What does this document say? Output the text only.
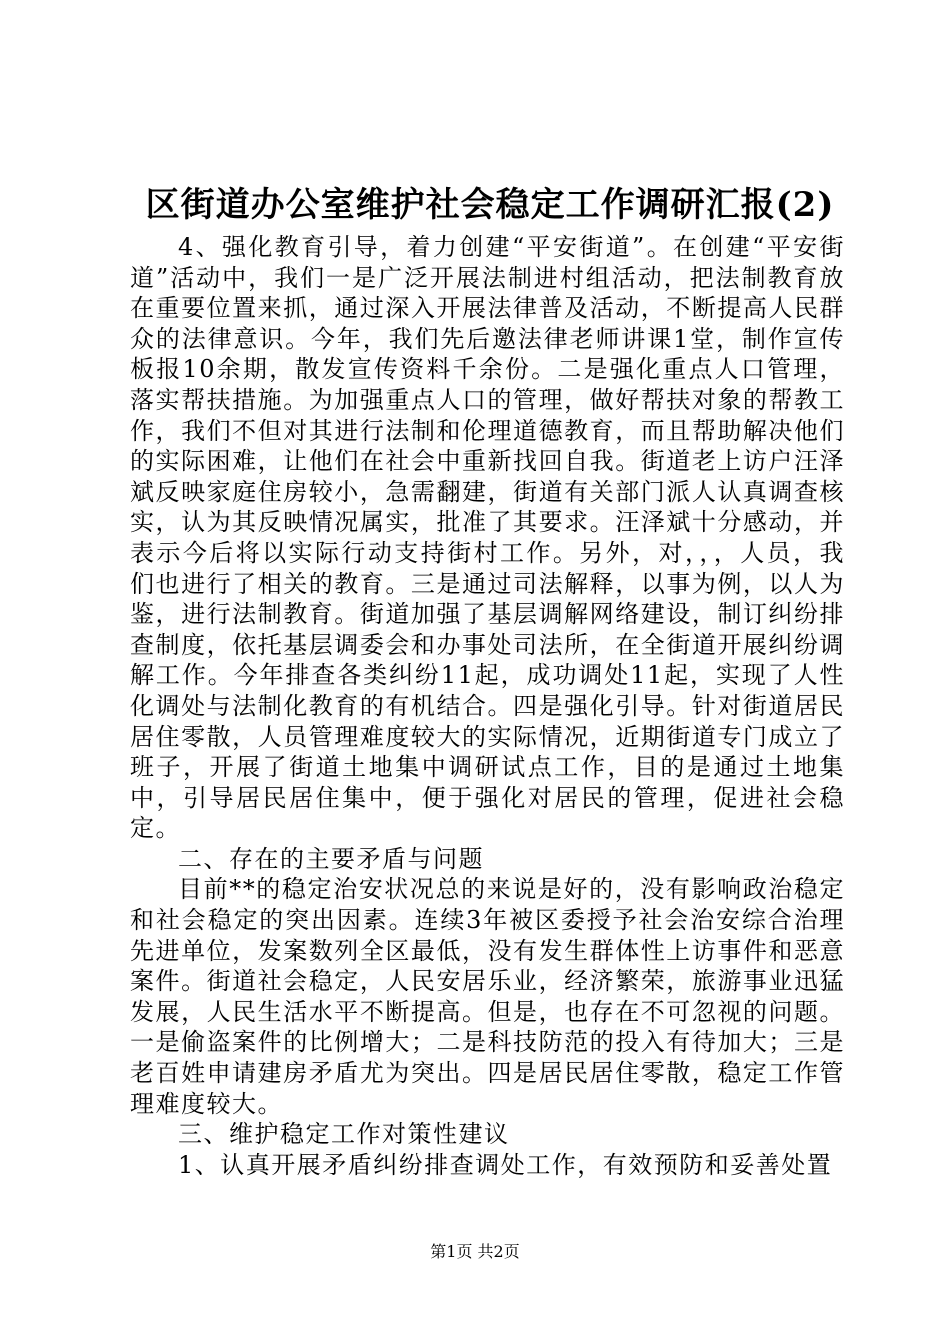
区街道办公室维护社会稳定工作调研汇报(2)

4、强化教育引导，着力创建“平安街道”。在创建“平安街道”活动中，我们一是广泛开展法制进村组活动，把法制教育放在重要位置来抓，通过深入开展法律普及活动，不断提高人民群众的法律意识。今年，我们先后邀法律老师讲课1堂，制作宣传板报10余期，散发宣传资料千余份。二是强化重点人口管理，落实帮扶措施。为加强重点人口的管理，做好帮扶对象的帮教工作，我们不但对其进行法制和伦理道德教育，而且帮助解决他们的实际困难，让他们在社会中重新找回自我。街道老上访户汪泽斌反映家庭住房较小，急需翻建，街道有关部门派人认真调查核实，认为其反映情况属实，批准了其要求。汪泽斌十分感动，并表示今后将以实际行动支持街村工作。另外，对，，，人员，我们也进行了相关的教育。三是通过司法解释，以事为例，以人为鉴，进行法制教育。街道加强了基层调解网络建设，制订纠纷排查制度，依托基层调委会和办事处司法所，在全街道开展纠纷调解工作。今年排查各类纠纷11起，成功调处11起，实现了人性化调处与法制化教育的有机结合。四是强化引导。针对街道居民居住零散，人员管理难度较大的实际情况，近期街道专门成立了班子，开展了街道土地集中调研试点工作，目的是通过土地集中，引导居民居住集中，便于强化对居民的管理，促进社会稳定。

二、存在的主要矛盾与问题

目前**的稳定治安状况总的来说是好的，没有影响政治稳定和社会稳定的突出因素。连续3年被区委授予社会治安综合治理先进单位，发案数列全区最低，没有发生群体性上访事件和恶意案件。街道社会稳定，人民安居乐业，经济繁荣，旅游事业迅猛发展，人民生活水平不断提高。但是，也存在不可忽视的问题。一是偷盗案件的比例增大；二是科技防范的投入有待加大；三是老百姓申请建房矛盾尤为突出。四是居民居住零散，稳定工作管理难度较大。

三、维护稳定工作对策性建议

1、认真开展矛盾纠纷排查调处工作，有效预防和妥善处置

第1页 共2页
